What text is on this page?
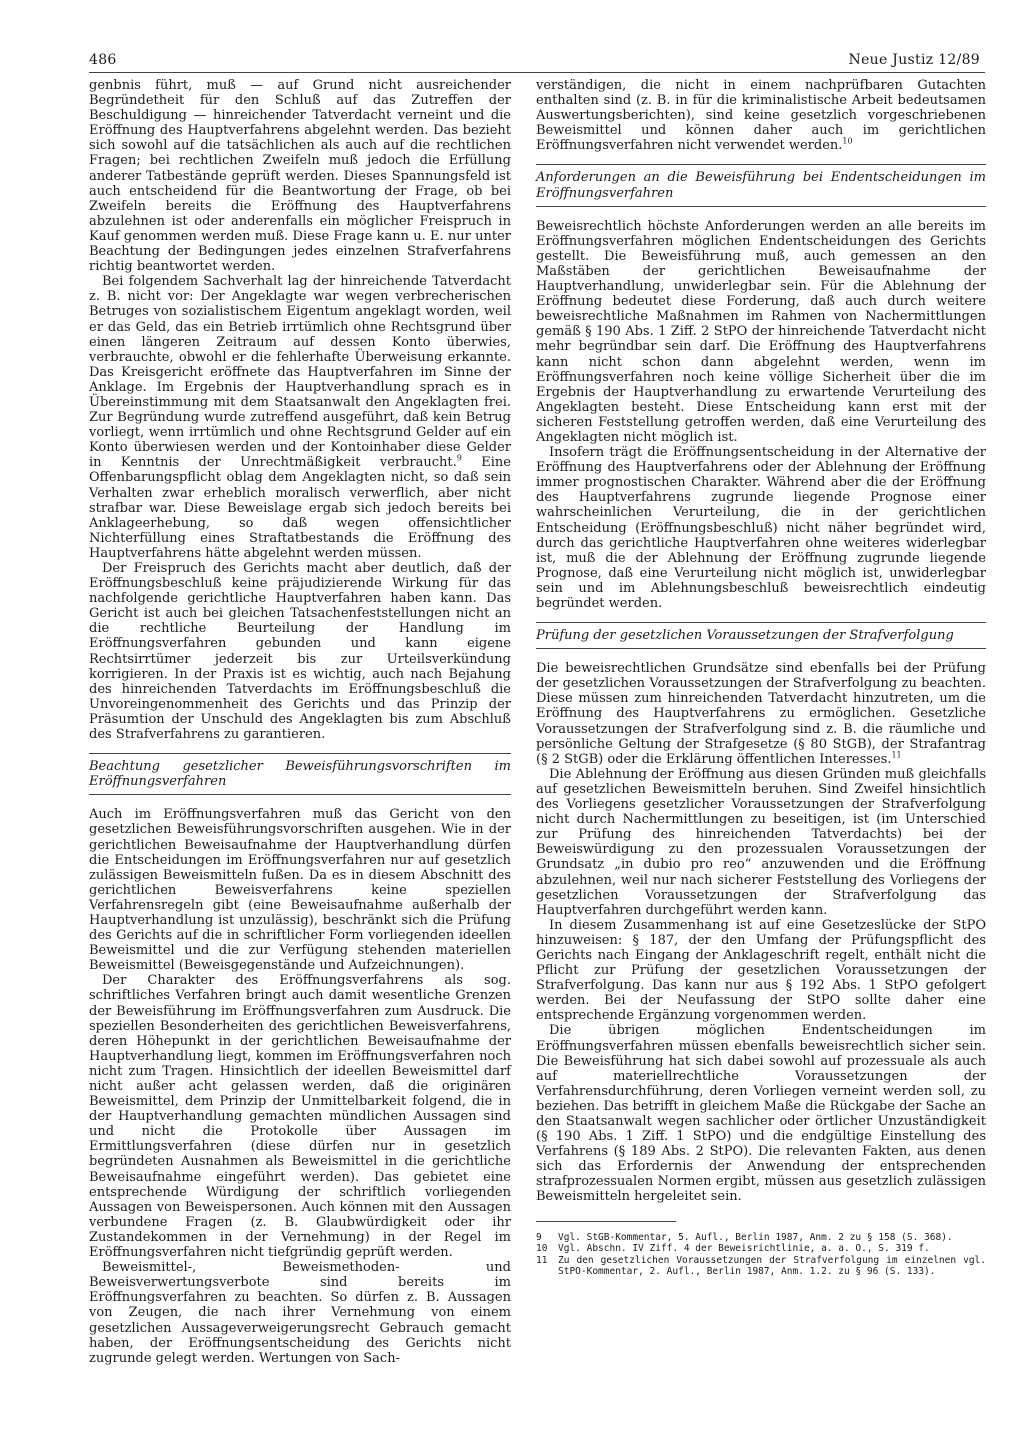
486	Neue Justiz 12/89

genbnis führt, muß — auf Grund nicht ausreichender Begründetheit für den Schluß auf das Zutreffen der Beschuldigung — hinreichender Tatverdacht verneint und die Eröffnung des Hauptverfahrens abgelehnt werden. Das bezieht sich sowohl auf die tatsächlichen als auch auf die rechtlichen Fragen; bei rechtlichen Zweifeln muß jedoch die Erfüllung anderer Tatbestände geprüft werden. Dieses Spannungsfeld ist auch entscheidend für die Beantwortung der Frage, ob bei Zweifeln bereits die Eröffnung des Hauptverfahrens abzulehnen ist oder anderenfalls ein möglicher Freispruch in Kauf genommen werden muß. Diese Frage kann u. E. nur unter Beachtung der Bedingungen jedes einzelnen Strafverfahrens richtig beantwortet werden.

Bei folgendem Sachverhalt lag der hinreichende Tatverdacht z. B. nicht vor: Der Angeklagte war wegen verbrecherischen Betruges von sozialistischem Eigentum angeklagt worden, weil er das Geld, das ein Betrieb irrtümlich ohne Rechtsgrund über einen längeren Zeitraum auf dessen Konto überwies, verbrauchte, obwohl er die fehlerhafte Überweisung erkannte. Das Kreisgericht eröffnete das Hauptverfahren im Sinne der Anklage. Im Ergebnis der Hauptverhandlung sprach es in Übereinstimmung mit dem Staatsanwalt den Angeklagten frei. Zur Begründung wurde zutreffend ausgeführt, daß kein Betrug vorliegt, wenn irrtümlich und ohne Rechtsgrund Gelder auf ein Konto überwiesen werden und der Kontoinhaber diese Gelder in Kenntnis der Unrechtmäßigkeit verbraucht.$^9$ Eine Offenbarungspflicht oblag dem Angeklagten nicht, so daß sein Verhalten zwar erheblich moralisch verwerflich, aber nicht strafbar war. Diese Beweislage ergab sich jedoch bereits bei Anklageerhebung, so daß wegen offensichtlicher Nichterfüllung eines Straftatbestands die Eröffnung des Hauptverfahrens hätte abgelehnt werden müssen.

Der Freispruch des Gerichts macht aber deutlich, daß der Eröffnungsbeschluß keine präjudizierende Wirkung für das nachfolgende gerichtliche Hauptverfahren haben kann. Das Gericht ist auch bei gleichen Tatsachenfeststellungen nicht an die rechtliche Beurteilung der Handlung im Eröffnungsverfahren gebunden und kann eigene Rechtsirrtümer jederzeit bis zur Urteilsverkündung korrigieren. In der Praxis ist es wichtig, auch nach Bejahung des hinreichenden Tatverdachts im Eröffnungsbeschluß die Unvoreingenommenheit des Gerichts und das Prinzip der Präsumtion der Unschuld des Angeklagten bis zum Abschluß des Strafverfahrens zu garantieren.

Beachtung gesetzlicher Beweisführungsvorschriften im Eröffnungsverfahren

Auch im Eröffnungsverfahren muß das Gericht von den gesetzlichen Beweisführungsvorschriften ausgehen. Wie in der gerichtlichen Beweisaufnahme der Hauptverhandlung dürfen die Entscheidungen im Eröffnungsverfahren nur auf gesetzlich zulässigen Beweismitteln fußen. Da es in diesem Abschnitt des gerichtlichen Beweisverfahrens keine speziellen Verfahrensregeln gibt (eine Beweisaufnahme außerhalb der Hauptverhandlung ist unzulässig), beschränkt sich die Prüfung des Gerichts auf die in schriftlicher Form vorliegenden ideellen Beweismittel und die zur Verfügung stehenden materiellen Beweismittel (Beweisgegenstände und Aufzeichnungen).

Der Charakter des Eröffnungsverfahrens als sog. schriftliches Verfahren bringt auch damit wesentliche Grenzen der Beweisführung im Eröffnungsverfahren zum Ausdruck. Die speziellen Besonderheiten des gerichtlichen Beweisverfahrens, deren Höhepunkt in der gerichtlichen Beweisaufnahme der Hauptverhandlung liegt, kommen im Eröffnungsverfahren noch nicht zum Tragen. Hinsichtlich der ideellen Beweismittel darf nicht außer acht gelassen werden, daß die originären Beweismittel, dem Prinzip der Unmittelbarkeit folgend, die in der Hauptverhandlung gemachten mündlichen Aussagen sind und nicht die Protokolle über Aussagen im Ermittlungsverfahren (diese dürfen nur in gesetzlich begründeten Ausnahmen als Beweismittel in die gerichtliche Beweisaufnahme eingeführt werden). Das gebietet eine entsprechende Würdigung der schriftlich vorliegenden Aussagen von Beweispersonen. Auch können mit den Aussagen verbundene Fragen (z. B. Glaubwürdigkeit oder ihr Zustandekommen in der Vernehmung) in der Regel im Eröffnungsverfahren nicht tiefgründig geprüft werden.

Beweismittel-, Beweismethoden- und Beweisverwertungsverbote sind bereits im Eröffnungsverfahren zu beachten. So dürfen z. B. Aussagen von Zeugen, die nach ihrer Vernehmung von einem gesetzlichen Aussageverweigerungsrecht Gebrauch gemacht haben, der Eröffnungsentscheidung des Gerichts nicht zugrunde gelegt werden. Wertungen von Sach-

verständigen, die nicht in einem nachprüfbaren Gutachten enthalten sind (z. B. in für die kriminalistische Arbeit bedeutsamen Auswertungsberichten), sind keine gesetzlich vorgeschriebenen Beweismittel und können daher auch im gerichtlichen Eröffnungsverfahren nicht verwendet werden.$^{10}$

Anforderungen an die Beweisführung bei Endentscheidungen im Eröffnungsverfahren

Beweisrechtlich höchste Anforderungen werden an alle bereits im Eröffnungsverfahren möglichen Endentscheidungen des Gerichts gestellt. Die Beweisführung muß, auch gemessen an den Maßstäben der gerichtlichen Beweisaufnahme der Hauptverhandlung, unwiderlegbar sein. Für die Ablehnung der Eröffnung bedeutet diese Forderung, daß auch durch weitere beweisrechtliche Maßnahmen im Rahmen von Nachermittlungen gemäß § 190 Abs. 1 Ziff. 2 StPO der hinreichende Tatverdacht nicht mehr begründbar sein darf. Die Eröffnung des Hauptverfahrens kann nicht schon dann abgelehnt werden, wenn im Eröffnungsverfahren noch keine völlige Sicherheit über die im Ergebnis der Hauptverhandlung zu erwartende Verurteilung des Angeklagten besteht. Diese Entscheidung kann erst mit der sicheren Feststellung getroffen werden, daß eine Verurteilung des Angeklagten nicht möglich ist.

Insofern trägt die Eröffnungsentscheidung in der Alternative der Eröffnung des Hauptverfahrens oder der Ablehnung der Eröffnung immer prognostischen Charakter. Während aber die der Eröffnung des Hauptverfahrens zugrunde liegende Prognose einer wahrscheinlichen Verurteilung, die in der gerichtlichen Entscheidung (Eröffnungsbeschluß) nicht näher begründet wird, durch das gerichtliche Hauptverfahren ohne weiteres widerlegbar ist, muß die der Ablehnung der Eröffnung zugrunde liegende Prognose, daß eine Verurteilung nicht möglich ist, unwiderlegbar sein und im Ablehnungsbeschluß beweisrechtlich eindeutig begründet werden.

Prüfung der gesetzlichen Voraussetzungen der Strafverfolgung

Die beweisrechtlichen Grundsätze sind ebenfalls bei der Prüfung der gesetzlichen Voraussetzungen der Strafverfolgung zu beachten. Diese müssen zum hinreichenden Tatverdacht hinzutreten, um die Eröffnung des Hauptverfahrens zu ermöglichen. Gesetzliche Voraussetzungen der Strafverfolgung sind z. B. die räumliche und persönliche Geltung der Strafgesetze (§ 80 StGB), der Strafantrag (§ 2 StGB) oder die Erklärung öffentlichen Interesses.$^{11}$

Die Ablehnung der Eröffnung aus diesen Gründen muß gleichfalls auf gesetzlichen Beweismitteln beruhen. Sind Zweifel hinsichtlich des Vorliegens gesetzlicher Voraussetzungen der Strafverfolgung nicht durch Nachermittlungen zu beseitigen, ist (im Unterschied zur Prüfung des hinreichenden Tatverdachts) bei der Beweiswürdigung zu den prozessualen Voraussetzungen der Grundsatz „in dubio pro reo“ anzuwenden und die Eröffnung abzulehnen, weil nur nach sicherer Feststellung des Vorliegens der gesetzlichen Voraussetzungen der Strafverfolgung das Hauptverfahren durchgeführt werden kann.

In diesem Zusammenhang ist auf eine Gesetzeslücke der StPO hinzuweisen: § 187, der den Umfang der Prüfungspflicht des Gerichts nach Eingang der Anklageschrift regelt, enthält nicht die Pflicht zur Prüfung der gesetzlichen Voraussetzungen der Strafverfolgung. Das kann nur aus § 192 Abs. 1 StPO gefolgert werden. Bei der Neufassung der StPO sollte daher eine entsprechende Ergänzung vorgenommen werden.

Die übrigen möglichen Endentscheidungen im Eröffnungsverfahren müssen ebenfalls beweisrechtlich sicher sein. Die Beweisführung hat sich dabei sowohl auf prozessuale als auch auf materiellrechtliche Voraussetzungen der Verfahrensdurchführung, deren Vorliegen verneint werden soll, zu beziehen. Das betrifft in gleichem Maße die Rückgabe der Sache an den Staatsanwalt wegen sachlicher oder örtlicher Unzuständigkeit (§ 190 Abs. 1 Ziff. 1 StPO) und die endgültige Einstellung des Verfahrens (§ 189 Abs. 2 StPO). Die relevanten Fakten, aus denen sich das Erfordernis der Anwendung der entsprechenden strafprozessualen Normen ergibt, müssen aus gesetzlich zulässigen Beweismitteln hergeleitet sein.

9	Vgl. StGB-Kommentar, 5. Aufl., Berlin 1987, Anm. 2 zu § 158 (S. 368).
10	Vgl. Abschn. IV Ziff. 4 der Beweisrichtlinie, a. a. O., S. 319 f.
11	Zu den gesetzlichen Voraussetzungen der Strafverfolgung im einzelnen vgl. StPO-Kommentar, 2. Aufl., Berlin 1987, Anm. 1.2. zu § 96 (S. 133).
